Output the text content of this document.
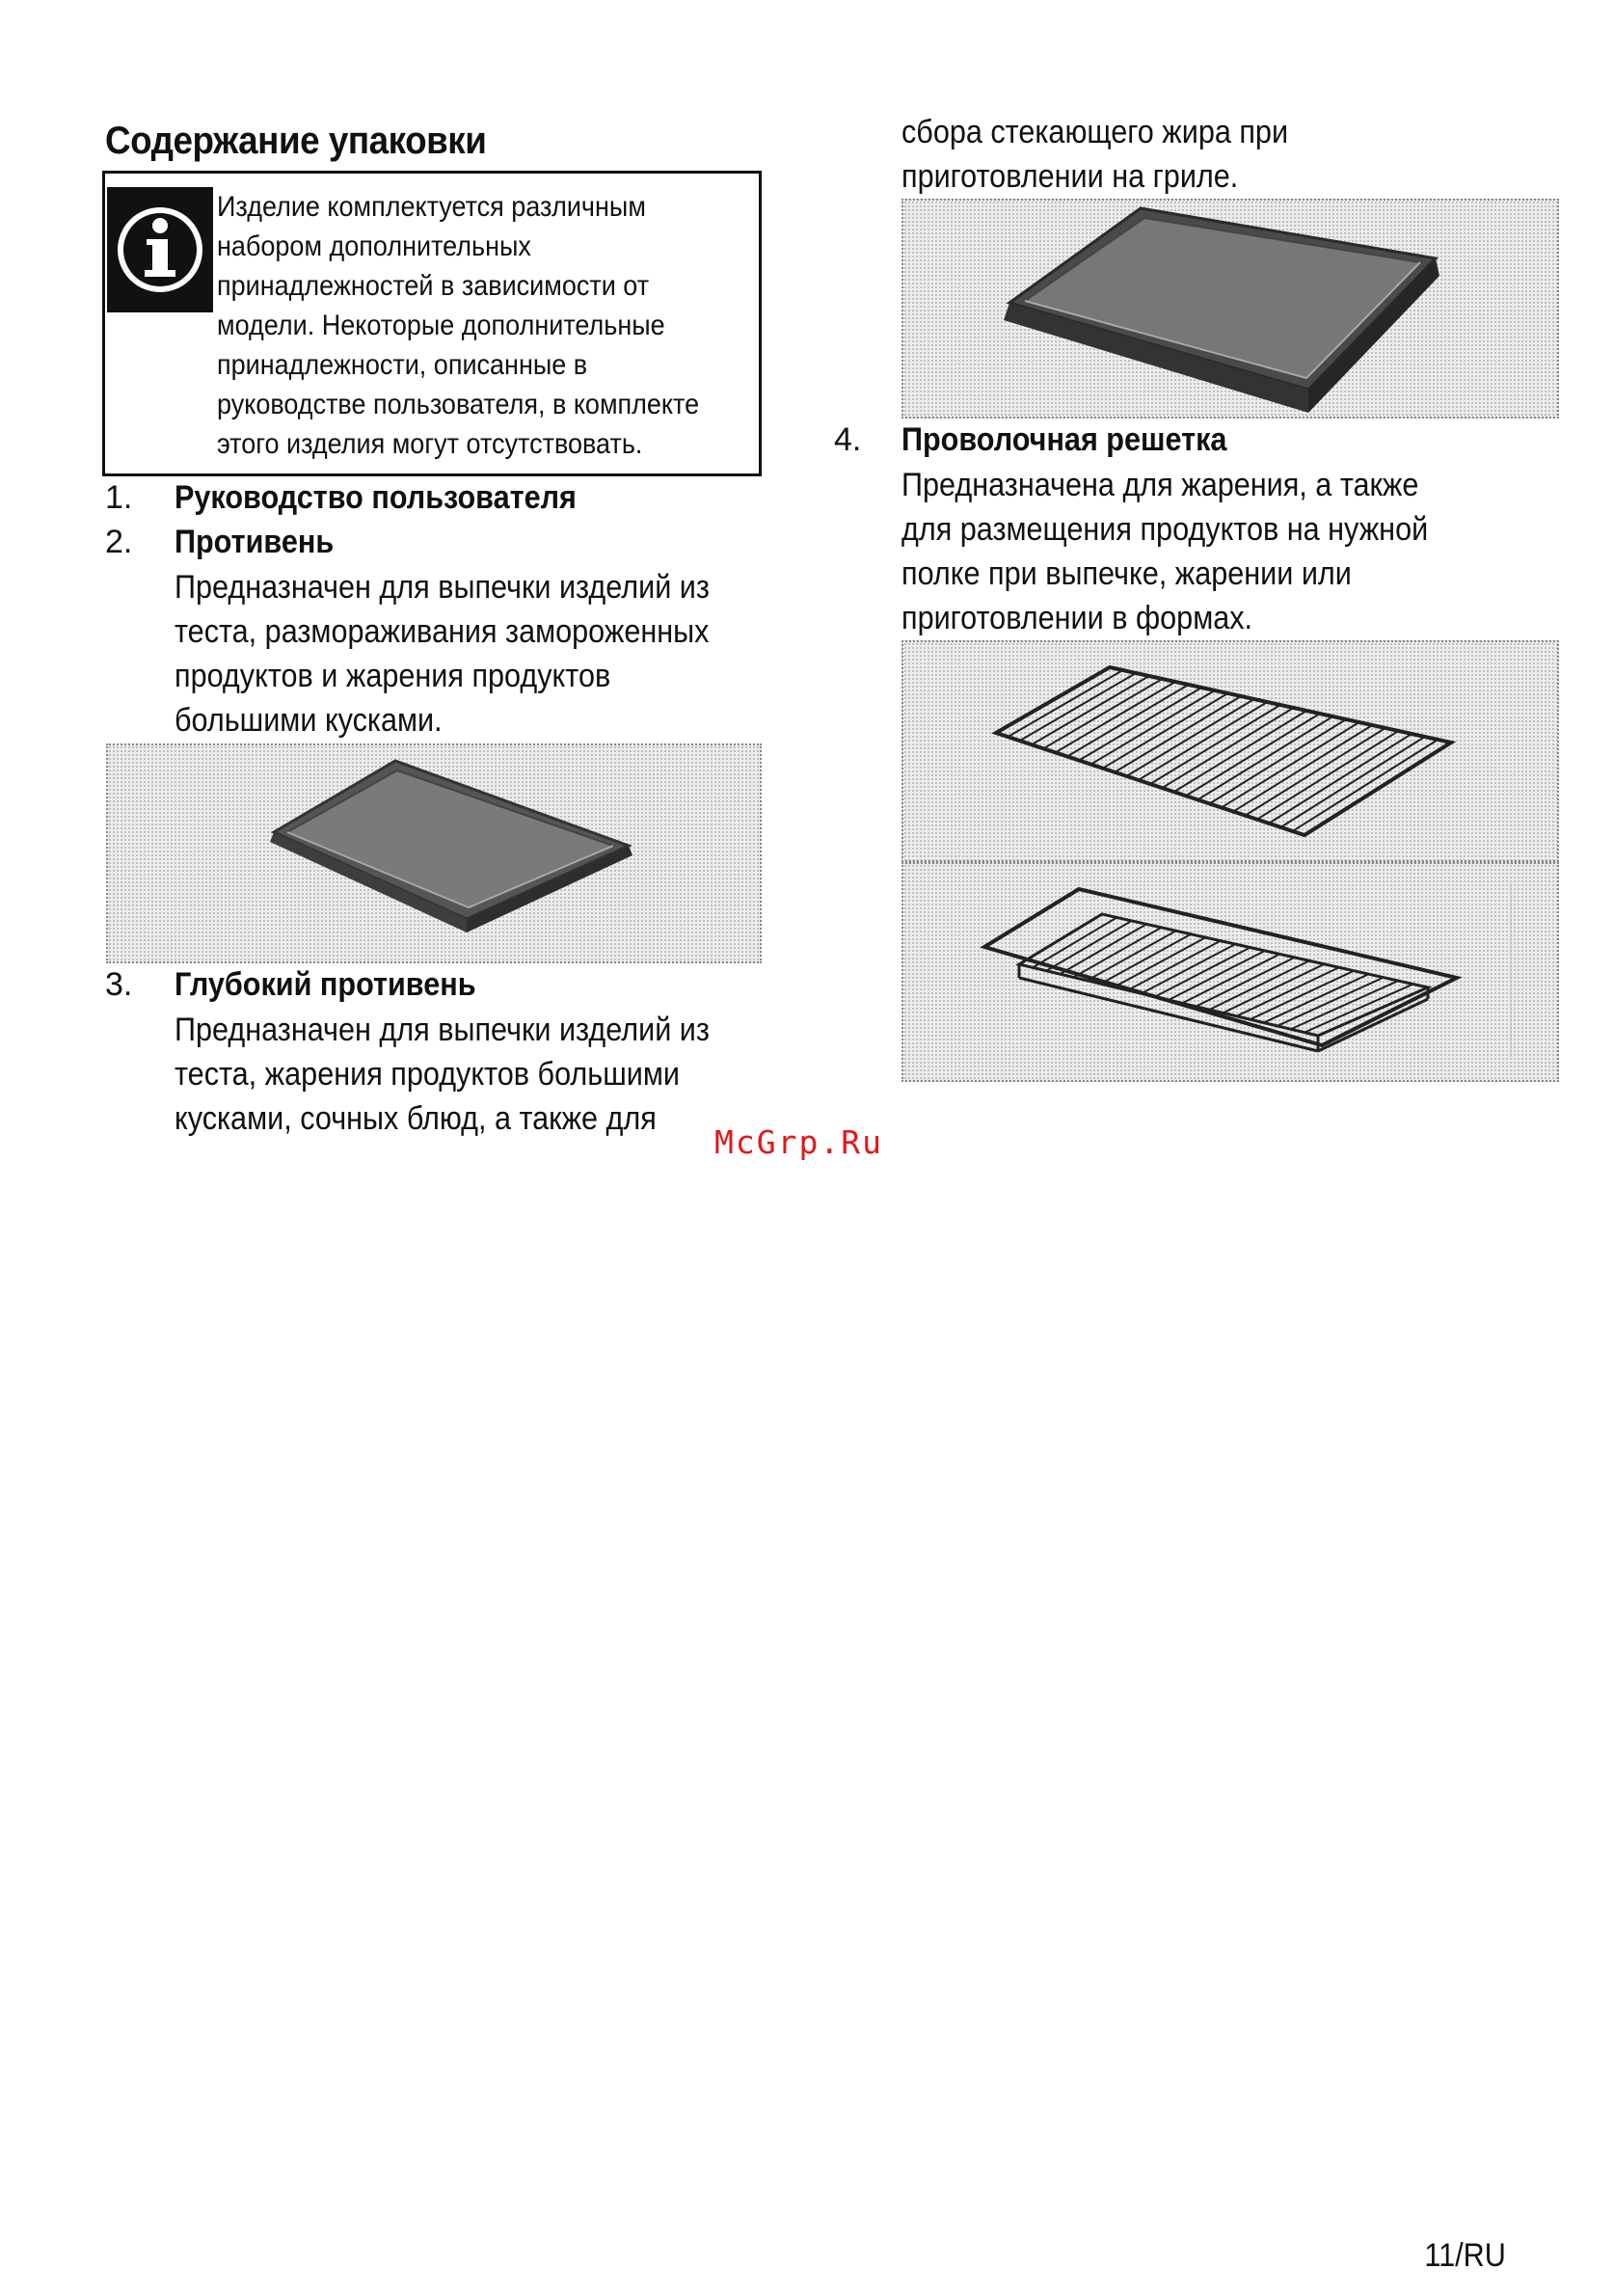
Содержание упаковки
Изделие комплектуется различным
набором дополнительных
принадлежностей в зависимости от
модели. Некоторые дополнительные
принадлежности, описанные в
руководстве пользователя, в комплекте
этого изделия могут отсутствовать.
1. Руководство пользователя
2. Противень
Предназначен для выпечки изделий из
теста, размораживания замороженных
продуктов и жарения продуктов
большими кусками.
3. Глубокий противень
Предназначен для выпечки изделий из
теста, жарения продуктов большими
кусками, сочных блюд, а также для
сбора стекающего жира при
приготовлении на гриле.
4. Проволочная решетка
Предназначена для жарения, а также
для размещения продуктов на нужной
полке при выпечке, жарении или
приготовлении в формах.
McGrp.Ru
11/RU
